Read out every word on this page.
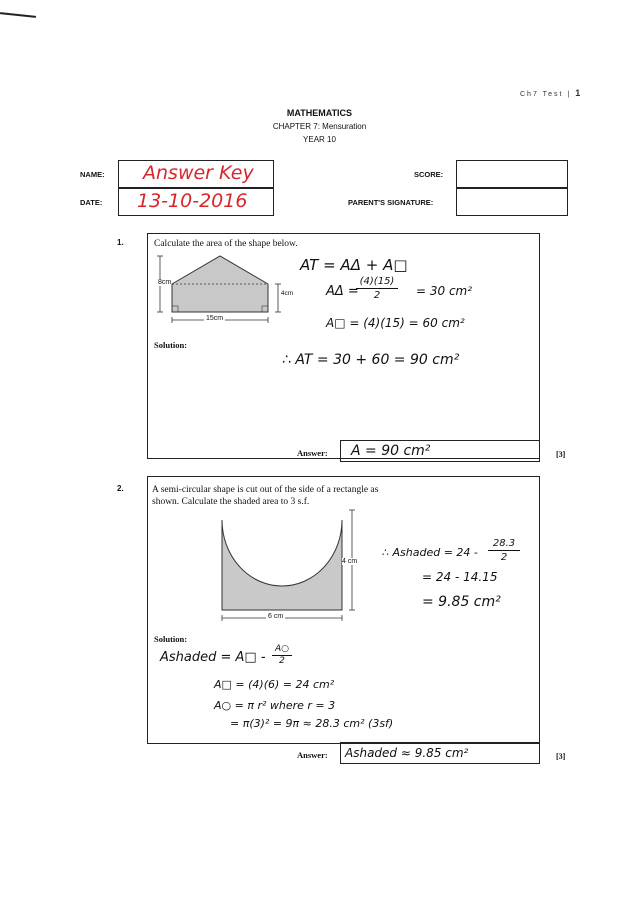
Ch7 Test | 1
MATHEMATICS
CHAPTER 7: Mensuration
YEAR 10
NAME: Answer Key
DATE: 13-10-2016
SCORE:
PARENT'S SIGNATURE:
1.	Calculate the area of the shape below.
8cm
4cm
15cm
Solution:
AT = AΔ + A□
AΔ =
(4)(15)
2	= 30 cm²
A□ = (4)(15) = 60 cm²
∴ AT = 30 + 60 = 90 cm²
Answer: A = 90 cm²	[3]
2.	A semi-circular shape is cut out of the side of a rectangle as
shown. Calculate the shaded area to 3 s.f.
4 cm
6 cm
∴ Ashaded = 24 -
28.3
2
= 24 - 14.15
= 9.85 cm²
Solution:
Ashaded = A□ -
A○
2
A□ = (4)(6) = 24 cm²
A○ = π r² where r = 3
= π(3)² = 9π ≈ 28.3 cm² (3sf)
Answer: Ashaded ≈ 9.85 cm²	[3]
